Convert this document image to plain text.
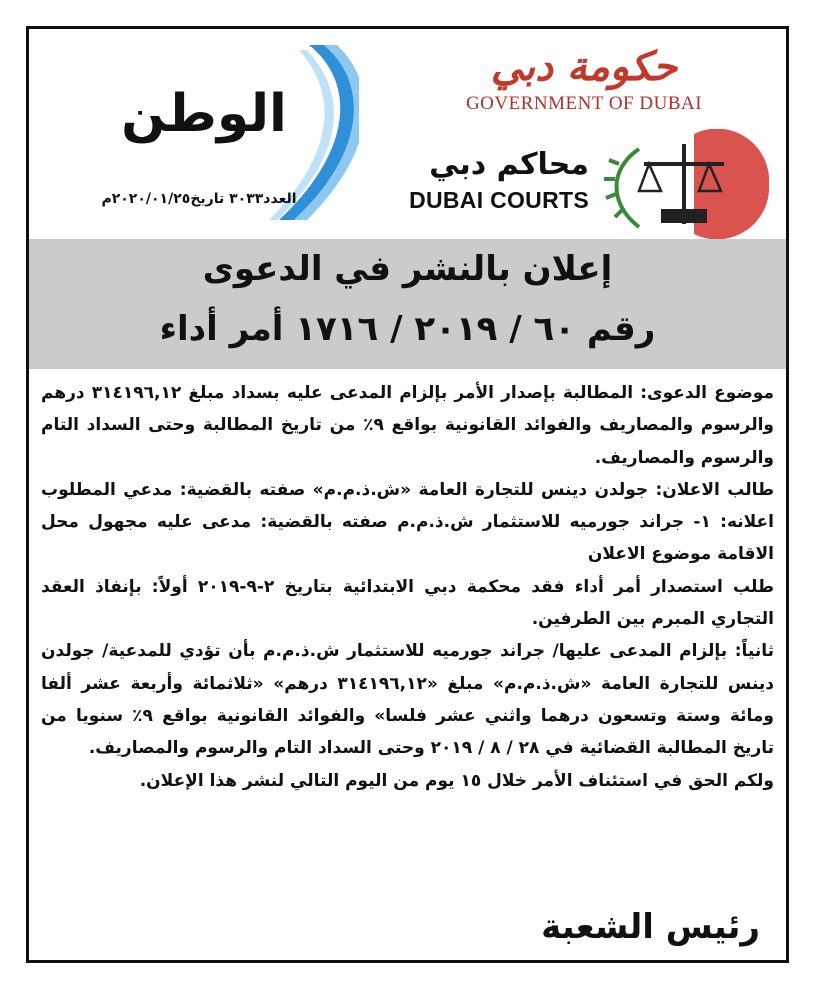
الوطن
العدد٣٠٣٣ تاريخ٢٠٢٠/٠١/٢٥م
حكومة دبي
GOVERNMENT OF DUBAI
محاكم دبي
DUBAI COURTS
إعلان بالنشر في الدعوى
رقم ٦٠ / ٢٠١٩ / ١٧١٦ أمر أداء

موضوع الدعوى: المطالبة بإصدار الأمر بإلزام المدعى عليه بسداد مبلغ ٣١٤١٩٦,١٢ درهم والرسوم والمصاريف والفوائد القانونية بواقع ٩٪ من تاريخ المطالبة وحتى السداد التام والرسوم والمصاريف.

طالب الاعلان: جولدن دينس للتجارة العامة «ش.ذ.م.م» صفته بالقضية: مدعي المطلوب اعلانه: ١- جراند جورميه للاستثمار ش.ذ.م.م صفته بالقضية: مدعى عليه مجهول محل الاقامة موضوع الاعلان

طلب استصدار أمر أداء فقد محكمة دبي الابتدائية بتاريخ ٢-٩-٢٠١٩ أولاً: بإنفاذ العقد التجاري المبرم بين الطرفين.

ثانياً: بإلزام المدعى عليها/ جراند جورميه للاستثمار ش.ذ.م.م بأن تؤدي للمدعية/ جولدن دينس للتجارة العامة «ش.ذ.م.م» مبلغ «٣١٤١٩٦,١٢ درهم» «ثلاثمائة وأربعة عشر ألفا ومائة وستة وتسعون درهما واثني عشر فلسا» والفوائد القانونية بواقع ٩٪ سنويا من تاريخ المطالبة القضائية في ٢٨ / ٨ / ٢٠١٩ وحتى السداد التام والرسوم والمصاريف.

ولكم الحق في استئناف الأمر خلال ١٥ يوم من اليوم التالي لنشر هذا الإعلان.

رئيس الشعبة
